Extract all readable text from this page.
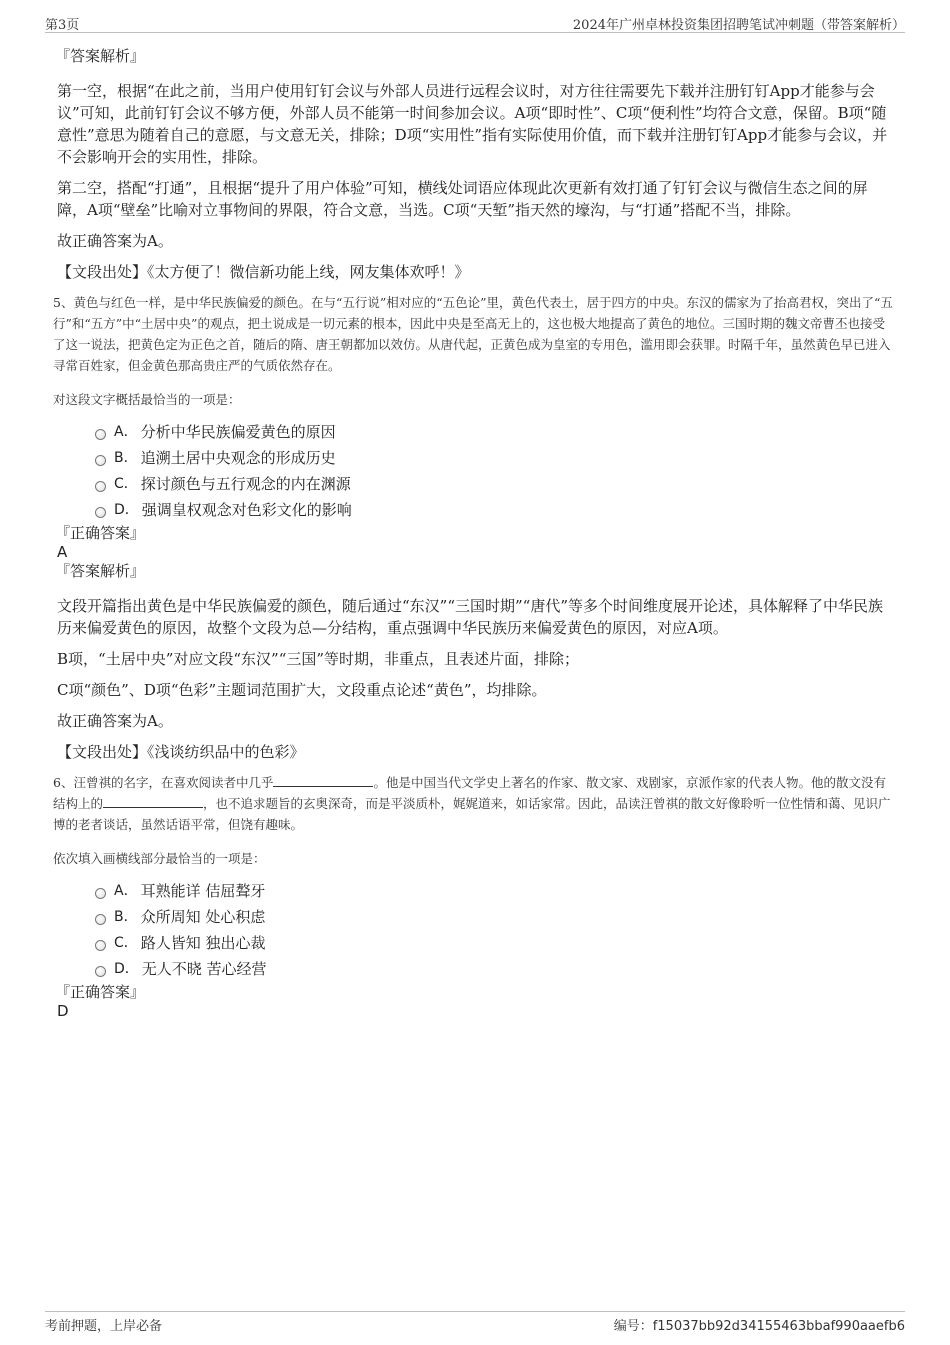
第3页	2024年广州卓林投资集团招聘笔试冲刺题（带答案解析）

『答案解析』

第一空，根据“在此之前，当用户使用钉钉会议与外部人员进行远程会议时，对方往往需要先下载并注册钉钉App才能参与会议”可知，此前钉钉会议不够方便，外部人员不能第一时间参加会议。A项“即时性”、C项“便利性”均符合文意，保留。B项“随意性”意思为随着自己的意愿，与文意无关，排除；D项“实用性”指有实际使用价值，而下载并注册钉钉App才能参与会议，并不会影响开会的实用性，排除。

第二空，搭配“打通”，且根据“提升了用户体验”可知，横线处词语应体现此次更新有效打通了钉钉会议与微信生态之间的屏障，A项“壁垒”比喻对立事物间的界限，符合文意，当选。C项“天堑”指天然的壕沟，与“打通”搭配不当，排除。

故正确答案为A。

【文段出处】《太方便了！微信新功能上线，网友集体欢呼！》

5、黄色与红色一样，是中华民族偏爱的颜色。在与“五行说”相对应的“五色论”里，黄色代表土，居于四方的中央。东汉的儒家为了抬高君权，突出了“五行”和“五方”中“土居中央”的观点，把土说成是一切元素的根本，因此中央是至高无上的，这也极大地提高了黄色的地位。三国时期的魏文帝曹丕也接受了这一说法，把黄色定为正色之首，随后的隋、唐王朝都加以效仿。从唐代起，正黄色成为皇室的专用色，滥用即会获罪。时隔千年，虽然黄色早已进入寻常百姓家，但金黄色那高贵庄严的气质依然存在。

对这段文字概括最恰当的一项是：

A． 分析中华民族偏爱黄色的原因
B． 追溯土居中央观念的形成历史
C． 探讨颜色与五行观念的内在渊源
D． 强调皇权观念对色彩文化的影响

『正确答案』

A

『答案解析』

文段开篇指出黄色是中华民族偏爱的颜色，随后通过“东汉”“三国时期”“唐代”等多个时间维度展开论述，具体解释了中华民族历来偏爱黄色的原因，故整个文段为总—分结构，重点强调中华民族历来偏爱黄色的原因，对应A项。

B项，“土居中央”对应文段“东汉”“三国”等时期，非重点，且表述片面，排除；

C项“颜色”、D项“色彩”主题词范围扩大，文段重点论述“黄色”，均排除。

故正确答案为A。

【文段出处】《浅谈纺织品中的色彩》

6、汪曾祺的名字，在喜欢阅读者中几乎	。他是中国当代文学史上著名的作家、散文家、戏剧家，京派作家的代表人物。他的散文没有结构上的	，也不追求题旨的玄奥深奇，而是平淡质朴，娓娓道来，如话家常。因此，品读汪曾祺的散文好像聆听一位性情和蔼、见识广博的老者谈话，虽然话语平常，但饶有趣味。

依次填入画横线部分最恰当的一项是：

A． 耳熟能详 佶屈聱牙
B． 众所周知 处心积虑
C． 路人皆知 独出心裁
D． 无人不晓 苦心经营

『正确答案』

D

考前押题，上岸必备	编号：f15037bb92d34155463bbaf990aaefb6
